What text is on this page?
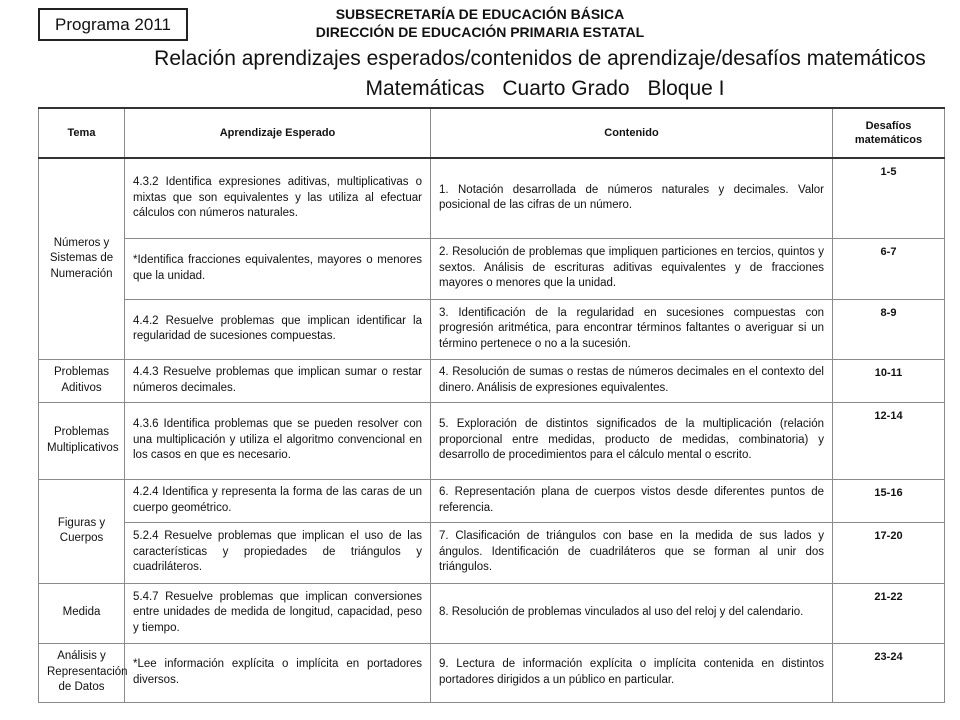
Programa 2011
SUBSECRETARÍA DE EDUCACIÓN BÁSICA
DIRECCIÓN DE EDUCACIÓN PRIMARIA ESTATAL
Relación aprendizajes esperados/contenidos de aprendizaje/desafíos matemáticos
Matemáticas Cuarto Grado Bloque I
Tema	Aprendizaje Esperado	Contenido	Desafíos matemáticos
Números y Sistemas de Numeración	4.3.2 Identifica expresiones aditivas, multiplicativas o mixtas que son equivalentes y las utiliza al efectuar cálculos con números naturales.	1. Notación desarrollada de números naturales y decimales. Valor posicional de las cifras de un número.	1-5
	*Identifica fracciones equivalentes, mayores o menores que la unidad.	2. Resolución de problemas que impliquen particiones en tercios, quintos y sextos. Análisis de escrituras aditivas equivalentes y de fracciones mayores o menores que la unidad.	6-7
	4.4.2 Resuelve problemas que implican identificar la regularidad de sucesiones compuestas.	3. Identificación de la regularidad en sucesiones compuestas con progresión aritmética, para encontrar términos faltantes o averiguar si un término pertenece o no a la sucesión.	8-9
Problemas Aditivos	4.4.3 Resuelve problemas que implican sumar o restar números decimales.	4. Resolución de sumas o restas de números decimales en el contexto del dinero. Análisis de expresiones equivalentes.	10-11
Problemas Multiplicativos	4.3.6 Identifica problemas que se pueden resolver con una multiplicación y utiliza el algoritmo convencional en los casos en que es necesario.	5. Exploración de distintos significados de la multiplicación (relación proporcional entre medidas, producto de medidas, combinatoria) y desarrollo de procedimientos para el cálculo mental o escrito.	12-14
Figuras y Cuerpos	4.2.4 Identifica y representa la forma de las caras de un cuerpo geométrico.	6. Representación plana de cuerpos vistos desde diferentes puntos de referencia.	15-16
	5.2.4 Resuelve problemas que implican el uso de las características y propiedades de triángulos y cuadriláteros.	7. Clasificación de triángulos con base en la medida de sus lados y ángulos. Identificación de cuadriláteros que se forman al unir dos triángulos.	17-20
Medida	5.4.7 Resuelve problemas que implican conversiones entre unidades de medida de longitud, capacidad, peso y tiempo.	8. Resolución de problemas vinculados al uso del reloj y del calendario.	21-22
Análisis y Representación de Datos	*Lee información explícita o implícita en portadores diversos.	9. Lectura de información explícita o implícita contenida en distintos portadores dirigidos a un público en particular.	23-24
